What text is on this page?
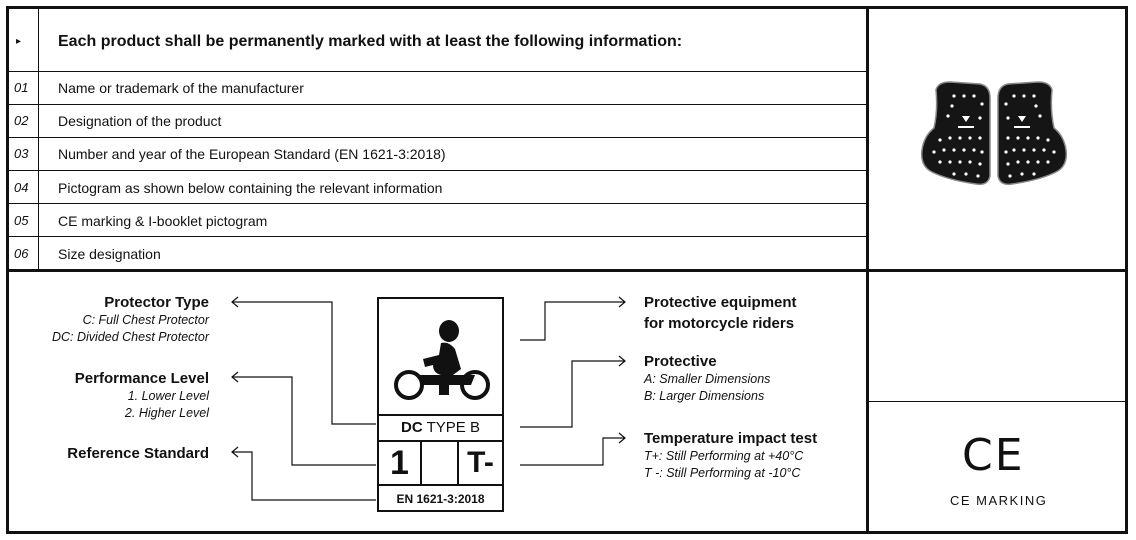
▸ Each product shall be permanently marked with at least the following information:
01 Name or trademark of the manufacturer
02 Designation of the product
03 Number and year of the European Standard (EN 1621-3:2018)
04 Pictogram as shown below containing the relevant information
05 CE marking & I-booklet pictogram
06 Size designation
Protector Type
C: Full Chest Protector
DC: Divided Chest Protector
Performance Level
1. Lower Level
2. Higher Level
Reference Standard
Protective equipment
for motorcycle riders
Protective
A: Smaller Dimensions
B: Larger Dimensions
Temperature impact test
T+: Still Performing at +40°C
T -: Still Performing at -10°C
DC TYPE B
1	T-
EN 1621-3:2018
CE
CE MARKING
